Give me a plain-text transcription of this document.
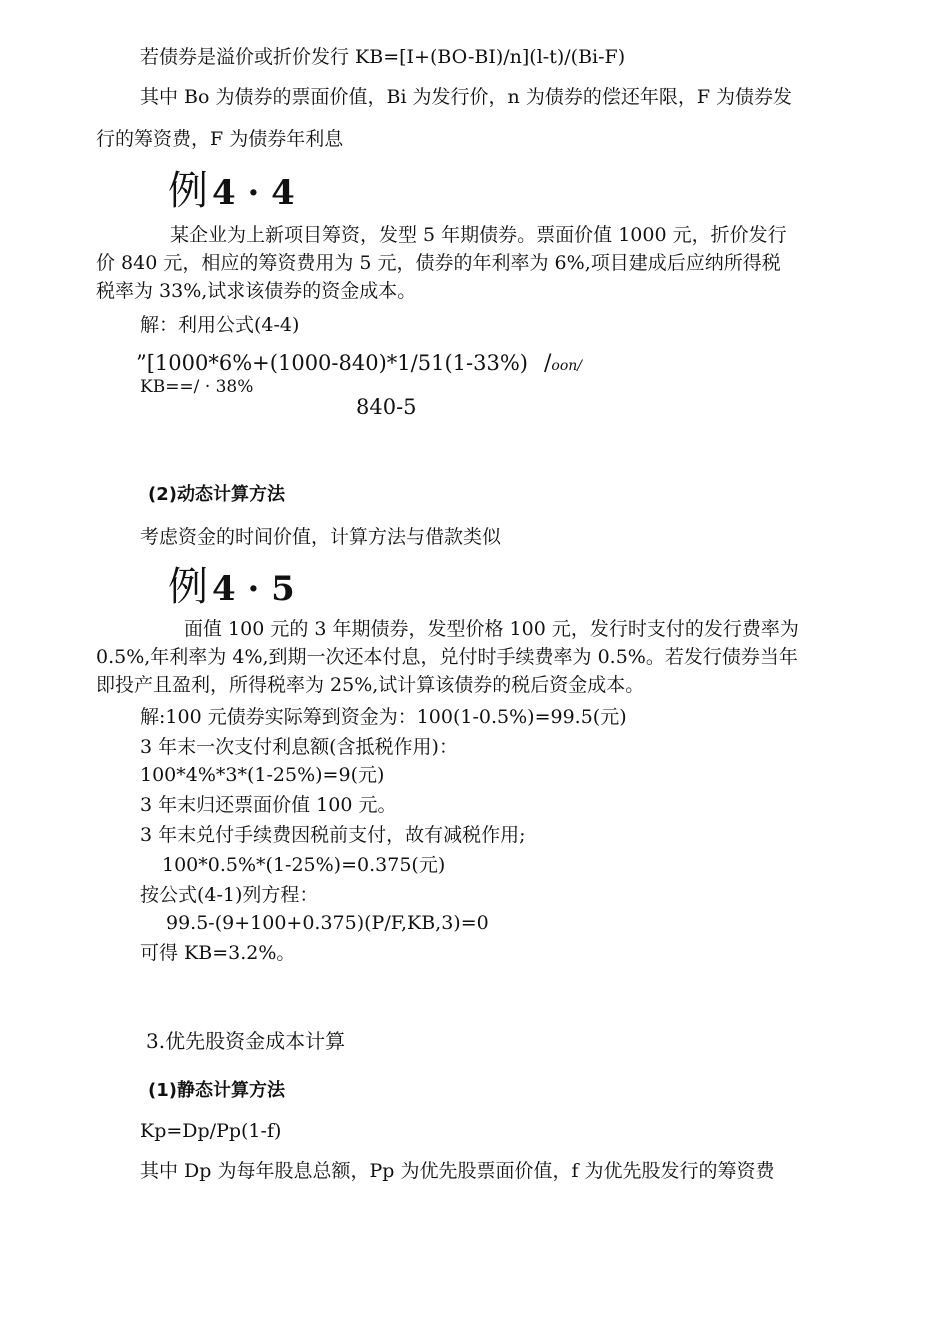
若债券是溢价或折价发行 KB=[I+(BO-BI)/n](l-t)/(Bi-F)
其中 Bo 为债券的票面价值，Bi 为发行价，n 为债券的偿还年限，F 为债券发
行的筹资费，F 为债券年利息
例 4 · 4
某企业为上新项目筹资，发型 5 年期债券。票面价值 1000 元，折价发行
价 840 元，相应的筹资费用为 5 元，债券的年利率为 6%,项目建成后应纳所得税
税率为 33%,试求该债券的资金成本。
解：利用公式(4-4)
”[1000*6%+(1000-840)*1/51(1-33%) /oon/
KB==/ · 38%
840-5
(2)动态计算方法
考虑资金的时间价值，计算方法与借款类似
例 4 · 5
面值 100 元的 3 年期债券，发型价格 100 元，发行时支付的发行费率为
0.5%,年利率为 4%,到期一次还本付息，兑付时手续费率为 0.5%。若发行债券当年
即投产且盈利，所得税率为 25%,试计算该债券的税后资金成本。
解:100 元债券实际筹到资金为：100(1-0.5%)=99.5(元)
3 年末一次支付利息额(含抵税作用)：
100*4%*3*(1-25%)=9(元)
3 年末归还票面价值 100 元。
3 年末兑付手续费因税前支付，故有减税作用;
100*0.5%*(1-25%)=0.375(元)
按公式(4-1)列方程：
99.5-(9+100+0.375)(P/F,KB,3)=0
可得 KB=3.2%。
3.优先股资金成本计算
(1)静态计算方法
Kp=Dp/Pp(1-f)
其中 Dp 为每年股息总额，Pp 为优先股票面价值，f 为优先股发行的筹资费
